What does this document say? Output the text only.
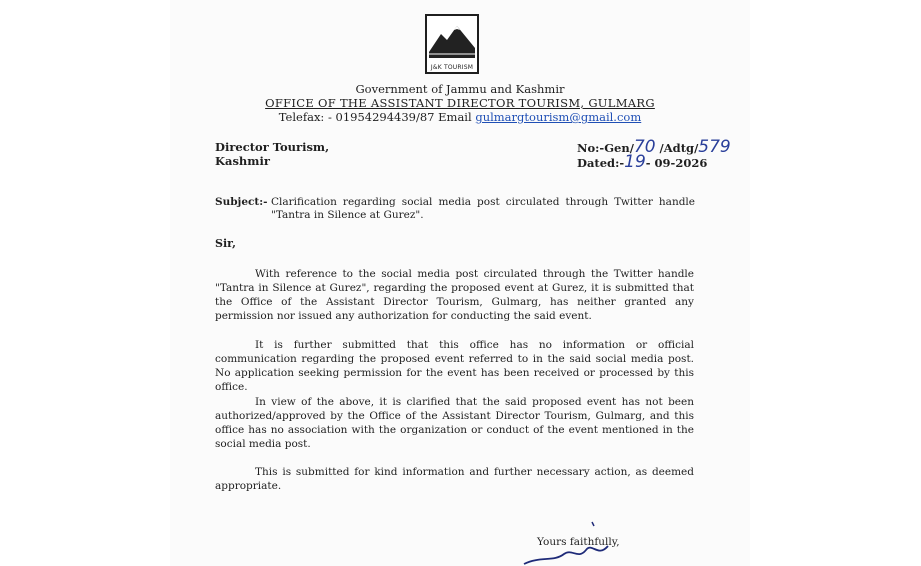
J&K TOURISM
Government of Jammu and Kashmir
OFFICE OF THE ASSISTANT DIRECTOR TOURISM, GULMARG
Telefax: - 01954294439/87 Email gulmargtourism@gmail.com
Director Tourism,
Kashmir
No:-Gen/70 /Adtg/579
Dated:-19- 09-2026
Subject:- Clarification regarding social media post circulated through Twitter handle "Tantra in Silence at Gurez".
Sir,

With reference to the social media post circulated through the Twitter handle "Tantra in Silence at Gurez", regarding the proposed event at Gurez, it is submitted that the Office of the Assistant Director Tourism, Gulmarg, has neither granted any permission nor issued any authorization for conducting the said event.

It is further submitted that this office has no information or official communication regarding the proposed event referred to in the said social media post. No application seeking permission for the event has been received or processed by this office.

In view of the above, it is clarified that the said proposed event has not been authorized/approved by the Office of the Assistant Director Tourism, Gulmarg, and this office has no association with the organization or conduct of the event mentioned in the social media post.

This is submitted for kind information and further necessary action, as deemed appropriate.

Yours faithfully,
